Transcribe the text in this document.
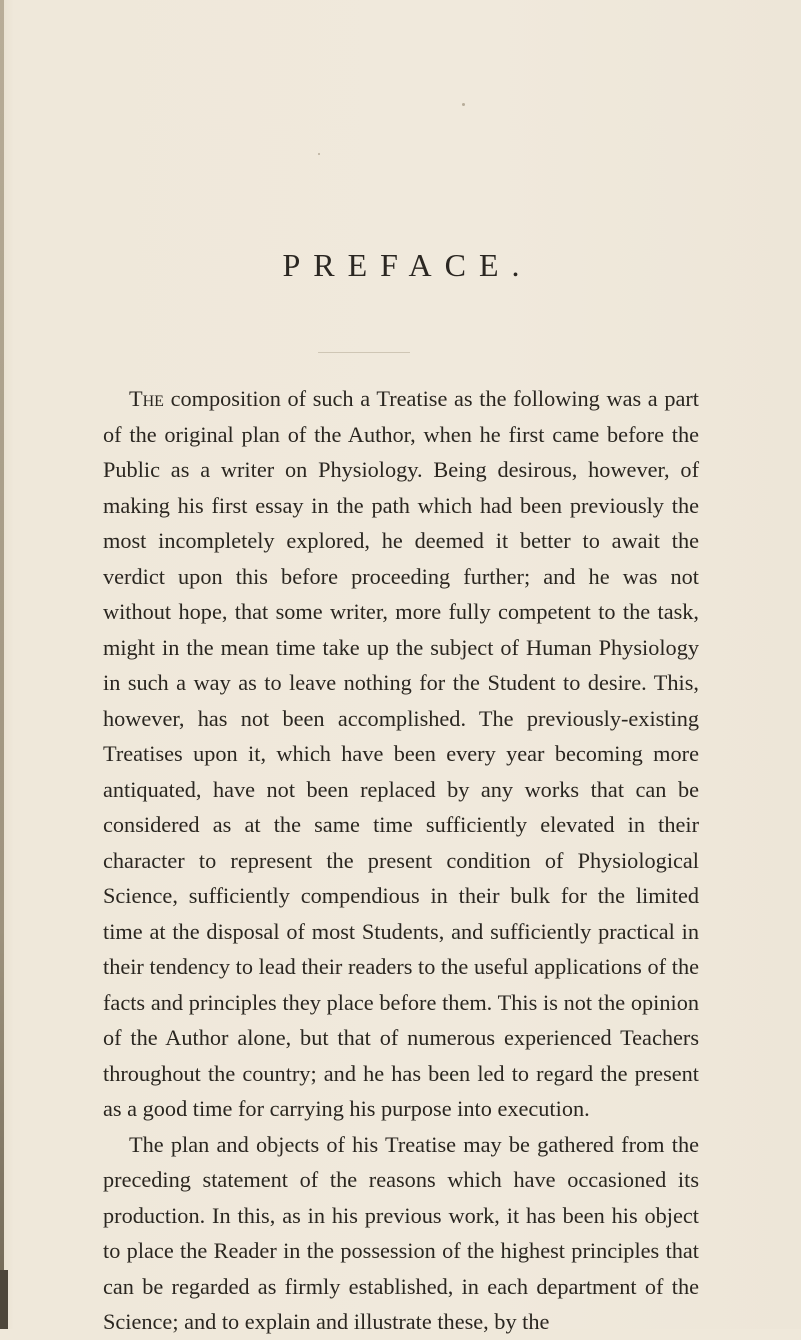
PREFACE.

The composition of such a Treatise as the following was a part of the original plan of the Author, when he first came before the Public as a writer on Physiology. Being desirous, however, of making his first essay in the path which had been previously the most incompletely explored, he deemed it better to await the verdict upon this before proceeding further; and he was not without hope, that some writer, more fully competent to the task, might in the mean time take up the subject of Human Physiology in such a way as to leave nothing for the Student to desire. This, however, has not been accomplished. The previously-existing Treatises upon it, which have been every year becoming more antiquated, have not been replaced by any works that can be considered as at the same time sufficiently elevated in their character to represent the present condition of Physiological Science, sufficiently compendious in their bulk for the limited time at the disposal of most Students, and sufficiently practical in their tendency to lead their readers to the useful applications of the facts and principles they place before them. This is not the opinion of the Author alone, but that of numerous experienced Teachers throughout the country; and he has been led to regard the present as a good time for carrying his purpose into execution.

The plan and objects of his Treatise may be gathered from the preceding statement of the reasons which have occasioned its production. In this, as in his previous work, it has been his object to place the Reader in the possession of the highest principles that can be regarded as firmly established, in each department of the Science; and to explain and illustrate these, by the
